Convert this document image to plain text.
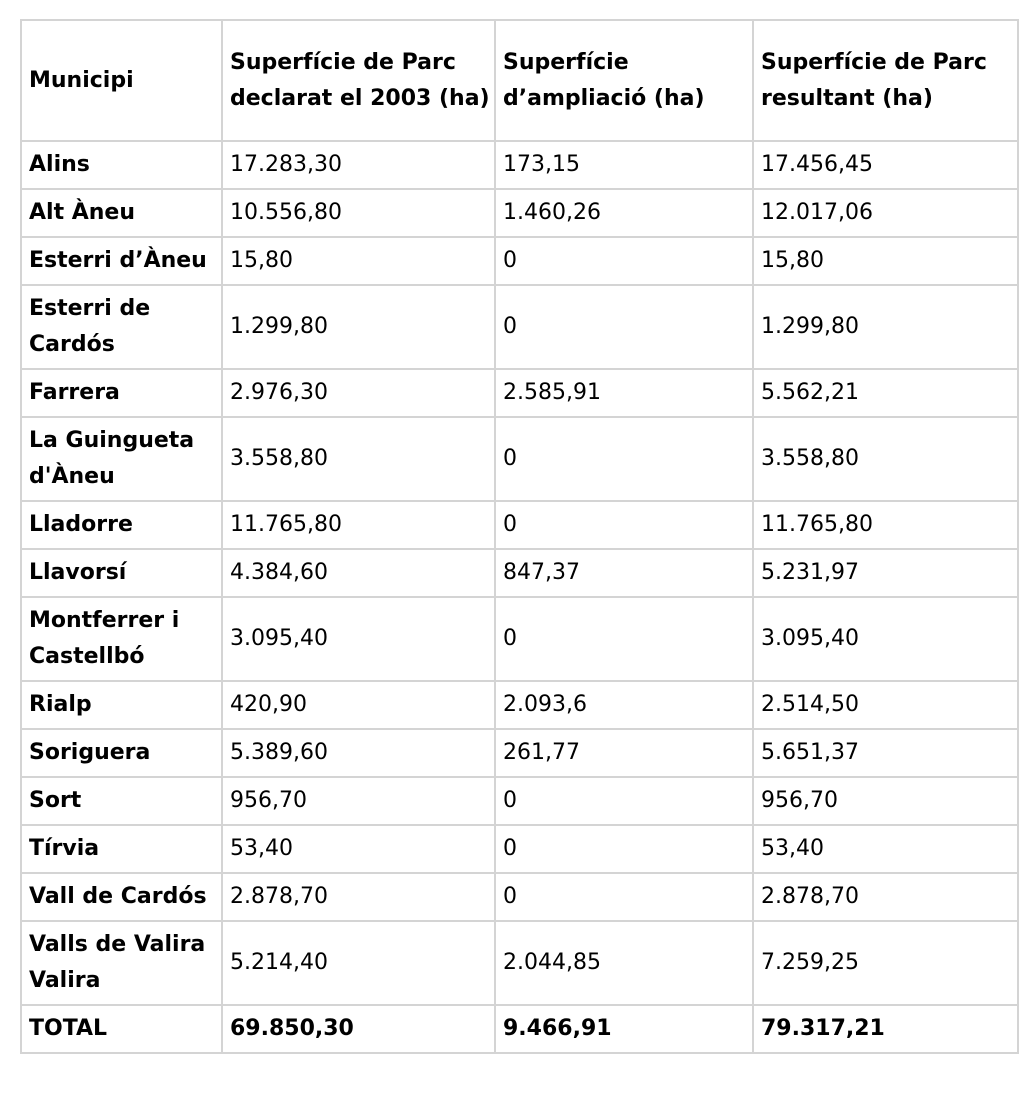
Municipi	Superfície de Parc declarat el 2003 (ha)	Superfície d’ampliació (ha)	Superfície de Parc resultant (ha)
Alins	17.283,30	173,15	17.456,45
Alt Àneu	10.556,80	1.460,26	12.017,06
Esterri d’Àneu	15,80	0	15,80
Esterri de Cardós	1.299,80	0	1.299,80
Farrera	2.976,30	2.585,91	5.562,21
La Guingueta d'Àneu	3.558,80	0	3.558,80
Lladorre	11.765,80	0	11.765,80
Llavorsí	4.384,60	847,37	5.231,97
Montferrer i Castellbó	3.095,40	0	3.095,40
Rialp	420,90	2.093,6	2.514,50
Soriguera	5.389,60	261,77	5.651,37
Sort	956,70	0	956,70
Tírvia	53,40	0	53,40
Vall de Cardós	2.878,70	0	2.878,70
Valls de Valira Valira	5.214,40	2.044,85	7.259,25
TOTAL	69.850,30	9.466,91	79.317,21
